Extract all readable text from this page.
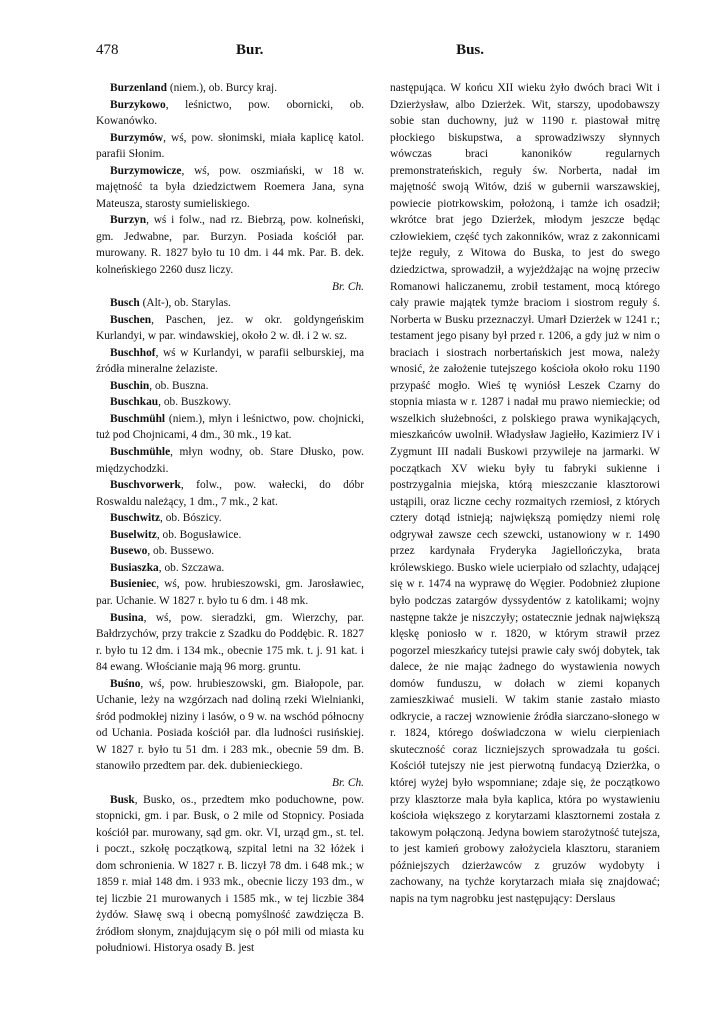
478	Bur.	Bus.

Burzenland (niem.), ob. Burcy kraj.

Burzykowo, leśnictwo, pow. obornicki, ob. Kowanówko.

Burzymów, wś, pow. słonimski, miała kaplicę katol. parafii Słonim.

Burzymowicze, wś, pow. oszmiański, w 18 w. majętność ta była dziedzictwem Roemera Jana, syna Mateusza, starosty sumieliskiego.

Burzyn, wś i folw., nad rz. Biebrzą, pow. kolneński, gm. Jedwabne, par. Burzyn. Posiada kościół par. murowany. R. 1827 było tu 10 dm. i 44 mk. Par. B. dek. kolneńskiego 2260 dusz liczy.
Br. Ch.

Busch (Alt-), ob. Starylas.

Buschen, Paschen, jez. w okr. goldyngeńskim Kurlandyi, w par. windawskiej, około 2 w. dł. i 2 w. sz.

Buschhof, wś w Kurlandyi, w parafii selburskiej, ma źródła mineralne żelaziste.

Buschin, ob. Buszna.

Buschkau, ob. Buszkowy.

Buschmühl (niem.), młyn i leśnictwo, pow. chojnicki, tuż pod Chojnicami, 4 dm., 30 mk., 19 kat.

Buschmühle, młyn wodny, ob. Stare Dłusko, pow. międzychodzki.

Buschvorwerk, folw., pow. wałecki, do dóbr Roswaldu należący, 1 dm., 7 mk., 2 kat.

Buschwitz, ob. Bószicy.

Buselwitz, ob. Bogusławice.

Busewo, ob. Bussewo.

Busiaszka, ob. Szczawa.

Busieniec, wś, pow. hrubieszowski, gm. Jarosławiec, par. Uchanie. W 1827 r. było tu 6 dm. i 48 mk.

Busina, wś, pow. sieradzki, gm. Wierzchy, par. Bałdrzychów, przy trakcie z Szadku do Poddębic. R. 1827 r. było tu 12 dm. i 134 mk., obecnie 175 mk. t. j. 91 kat. i 84 ewang. Włościanie mają 96 morg. gruntu.

Buśno, wś, pow. hrubieszowski, gm. Białopole, par. Uchanie, leży na wzgórzach nad doliną rzeki Wielnianki, śród podmokłej niziny i lasów, o 9 w. na wschód północny od Uchania. Posiada kościół par. dla ludności rusińskiej. W 1827 r. było tu 51 dm. i 283 mk., obecnie 59 dm. B. stanowiło przedtem par. dek. dubienieckiego.
Br. Ch.

Busk, Busko, os., przedtem mko poduchowne, pow. stopnicki, gm. i par. Busk, o 2 mile od Stopnicy. Posiada kościół par. murowany, sąd gm. okr. VI, urząd gm., st. tel. i poczt., szkołę początkową, szpital letni na 32 łóżek i dom schronienia. W 1827 r. B. liczył 78 dm. i 648 mk.; w 1859 r. miał 148 dm. i 933 mk., obecnie liczy 193 dm., w tej liczbie 21 murowanych i 1585 mk., w tej liczbie 384 żydów. Sławę swą i obecną pomyślność zawdzięcza B. źródłom słonym, znajdującym się o pół mili od miasta ku południowi. Historya osady B. jest

następująca. W końcu XII wieku żyło dwóch braci Wit i Dzierżysław, albo Dzierżek. Wit, starszy, upodobawszy sobie stan duchowny, już w 1190 r. piastował mitrę płockiego biskupstwa, a sprowadziwszy słynnych wówczas braci kanoników regularnych premonstrateńskich, reguły św. Norberta, nadał im majętność swoją Witów, dziś w gubernii warszawskiej, powiecie piotrkowskim, położoną, i tamże ich osadził; wkrótce brat jego Dzierżek, młodym jeszcze będąc człowiekiem, część tych zakonników, wraz z zakonnicami tejże reguły, z Witowa do Buska, to jest do swego dziedzictwa, sprowadził, a wyjeżdżając na wojnę przeciw Romanowi haliczanemu, zrobił testament, mocą którego cały prawie majątek tymże braciom i siostrom reguły ś. Norberta w Busku przeznaczył. Umarł Dzierżek w 1241 r.; testament jego pisany był przed r. 1206, a gdy już w nim o braciach i siostrach norbertańskich jest mowa, należy wnosić, że założenie tutejszego kościoła około roku 1190 przypaść mogło. Wieś tę wyniósł Leszek Czarny do stopnia miasta w r. 1287 i nadał mu prawo niemieckie; od wszelkich służebności, z polskiego prawa wynikających, mieszkańców uwolnił. Władysław Jagiełło, Kazimierz IV i Zygmunt III nadali Buskowi przywileje na jarmarki. W początkach XV wieku były tu fabryki sukienne i postrzygalnia miejska, którą mieszczanie klasztorowi ustąpili, oraz liczne cechy rozmaitych rzemiosł, z których cztery dotąd istnieją; największą pomiędzy niemi rolę odgrywał zawsze cech szewcki, ustanowiony w r. 1490 przez kardynała Fryderyka Jagiellończyka, brata królewskiego. Busko wiele ucierpiało od szlachty, udającej się w r. 1474 na wyprawę do Węgier. Podobnież złupione było podczas zatargów dyssydentów z katolikami; wojny następne także je niszczyły; ostatecznie jednak największą klęskę poniosło w r. 1820, w którym strawił przez pogorzel mieszkańcy tutejsi prawie cały swój dobytek, tak dalece, że nie mając żadnego do wystawienia nowych domów funduszu, w dołach w ziemi kopanych zamieszkiwać musieli. W takim stanie zastało miasto odkrycie, a raczej wznowienie źródła siarczano-słonego w r. 1824, którego doświadczona w wielu cierpieniach skuteczność coraz liczniejszych sprowadzała tu gości. Kościół tutejszy nie jest pierwotną fundacyą Dzierżka, o której wyżej było wspomniane; zdaje się, że początkowo przy klasztorze mała była kaplica, która po wystawieniu kościoła większego z korytarzami klasztornemi została z takowym połączoną. Jedyna bowiem starożytność tutejsza, to jest kamień grobowy założyciela klasztoru, staraniem późniejszych dzierżawców z gruzów wydobyty i zachowany, na tychże korytarzach miała się znajdować; napis na tym nagrobku jest następujący: Derslaus
